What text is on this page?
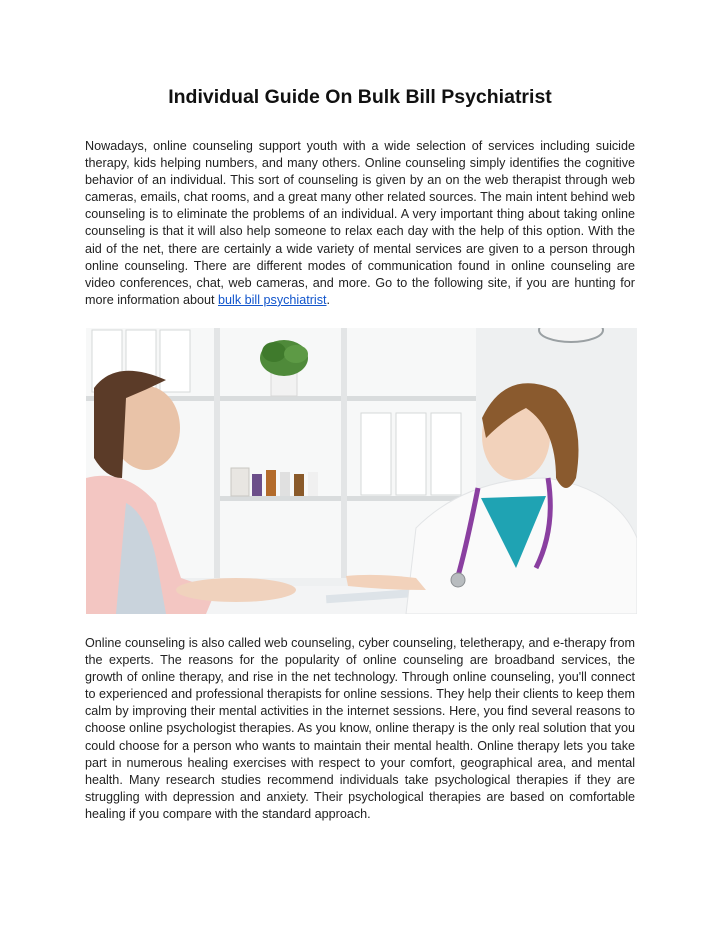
Individual Guide On Bulk Bill Psychiatrist

Nowadays, online counseling support youth with a wide selection of services including suicide therapy, kids helping numbers, and many others. Online counseling simply identifies the cognitive behavior of an individual. This sort of counseling is given by an on the web therapist through web cameras, emails, chat rooms, and a great many other related sources. The main intent behind web counseling is to eliminate the problems of an individual. A very important thing about taking online counseling is that it will also help someone to relax each day with the help of this option. With the aid of the net, there are certainly a wide variety of mental services are given to a person through online counseling. There are different modes of communication found in online counseling are video conferences, chat, web cameras, and more. Go to the following site, if you are hunting for more information about bulk bill psychiatrist.

Online counseling is also called web counseling, cyber counseling, teletherapy, and e-therapy from the experts. The reasons for the popularity of online counseling are broadband services, the growth of online therapy, and rise in the net technology. Through online counseling, you'll connect to experienced and professional therapists for online sessions. They help their clients to keep them calm by improving their mental activities in the internet sessions. Here, you find several reasons to choose online psychologist therapies. As you know, online therapy is the only real solution that you could choose for a person who wants to maintain their mental health. Online therapy lets you take part in numerous healing exercises with respect to your comfort, geographical area, and mental health. Many research studies recommend individuals take psychological therapies if they are struggling with depression and anxiety. Their psychological therapies are based on comfortable healing if you compare with the standard approach.
